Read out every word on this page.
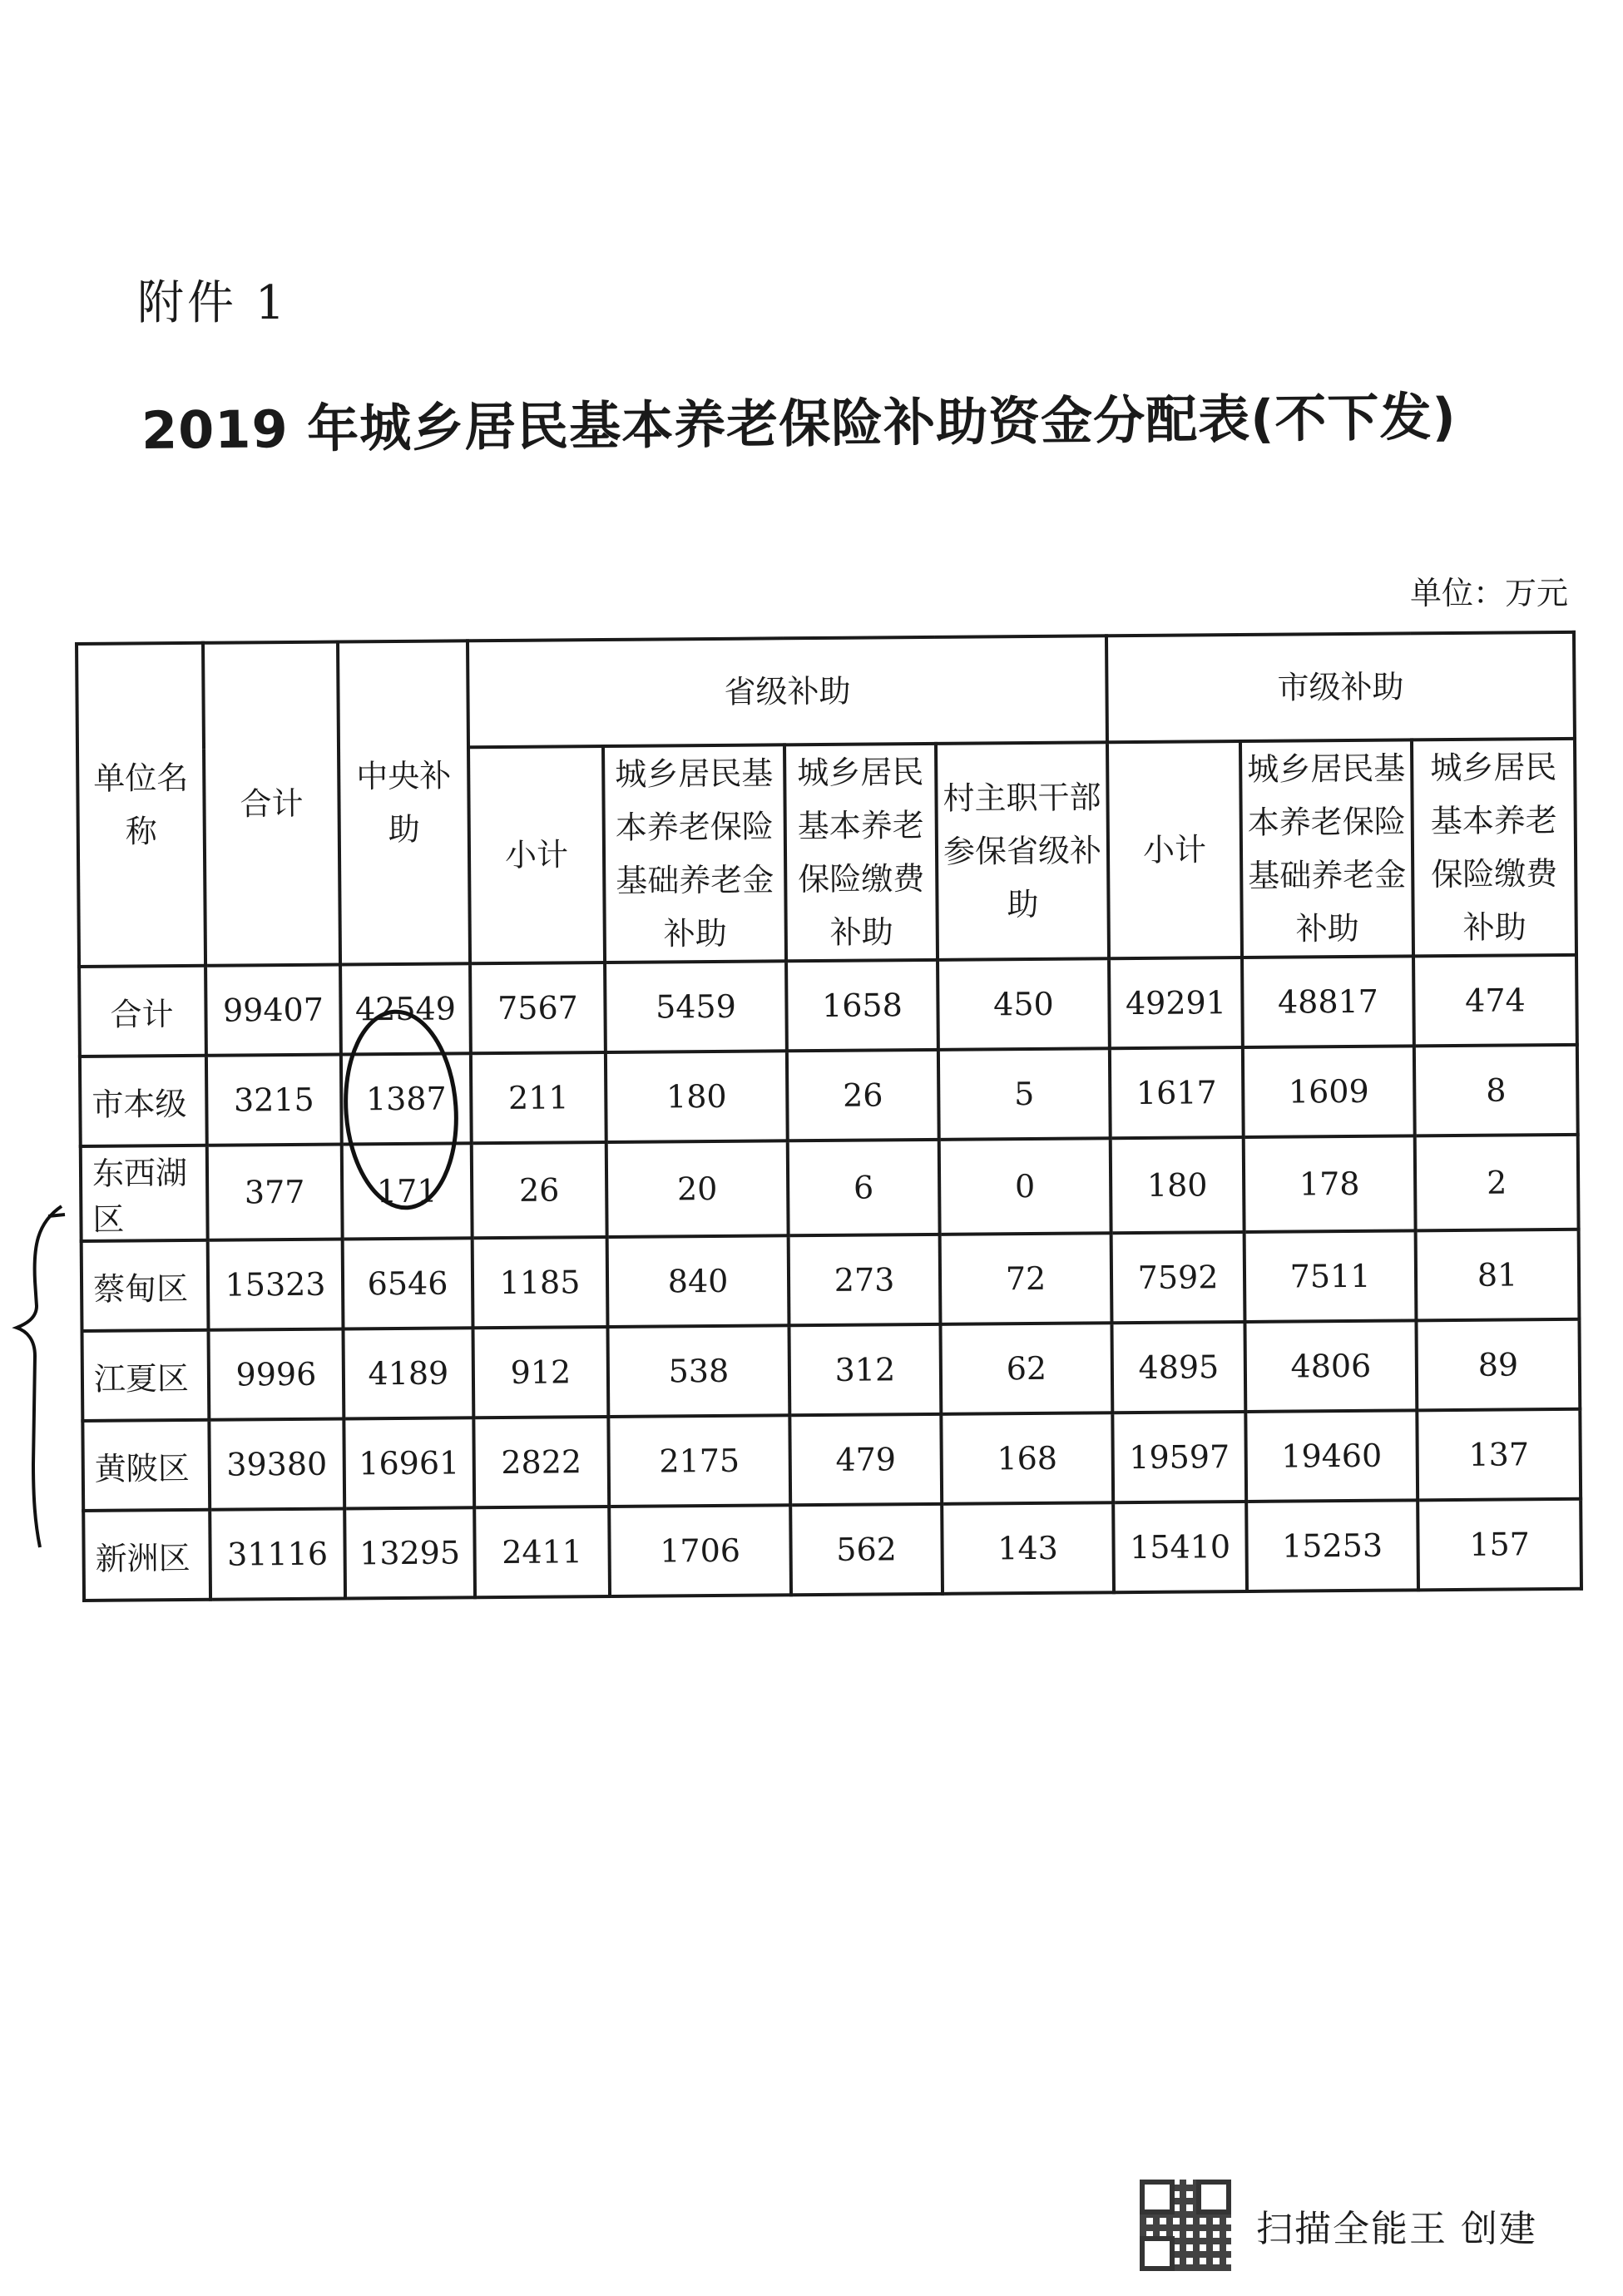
附件 1
2019 年城乡居民基本养老保险补助资金分配表(不下发)
单位：万元
单位名称	合计	中央补助	省级补助				市级补助		
			小计	城乡居民基本养老保险基础养老金补助	城乡居民基本养老保险缴费补助	村主职干部参保省级补助	小计	城乡居民基本养老保险基础养老金补助	城乡居民基本养老保险缴费补助
合计	99407	42549	7567	5459	1658	450	49291	48817	474
市本级	3215	1387	211	180	26	5	1617	1609	8
东西湖区	377	171	26	20	6	0	180	178	2
蔡甸区	15323	6546	1185	840	273	72	7592	7511	81
江夏区	9996	4189	912	538	312	62	4895	4806	89
黄陂区	39380	16961	2822	2175	479	168	19597	19460	137
新洲区	31116	13295	2411	1706	562	143	15410	15253	157
扫描全能王 创建
